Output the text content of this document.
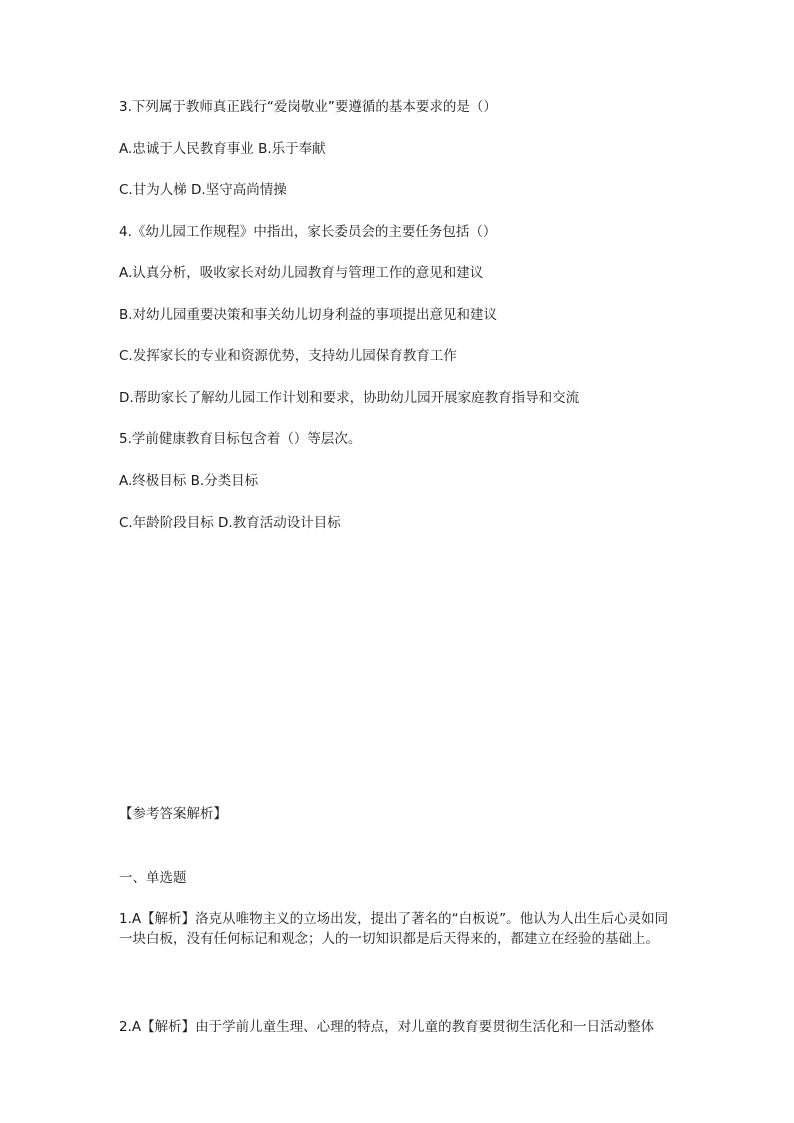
3.下列属于教师真正践行“爱岗敬业”要遵循的基本要求的是（）

A.忠诚于人民教育事业 B.乐于奉献

C.甘为人梯 D.坚守高尚情操

4.《幼儿园工作规程》中指出，家长委员会的主要任务包括（）

A.认真分析，吸收家长对幼儿园教育与管理工作的意见和建议

B.对幼儿园重要决策和事关幼儿切身利益的事项提出意见和建议

C.发挥家长的专业和资源优势，支持幼儿园保育教育工作

D.帮助家长了解幼儿园工作计划和要求，协助幼儿园开展家庭教育指导和交流

5.学前健康教育目标包含着（）等层次。

A.终极目标 B.分类目标

C.年龄阶段目标 D.教育活动设计目标

【参考答案解析】

一、单选题

1.A【解析】洛克从唯物主义的立场出发，提出了著名的“白板说”。他认为人出生后心灵如同一块白板，没有任何标记和观念；人的一切知识都是后天得来的，都建立在经验的基础上。

2.A【解析】由于学前儿童生理、心理的特点，对儿童的教育要贯彻生活化和一日活动整体
